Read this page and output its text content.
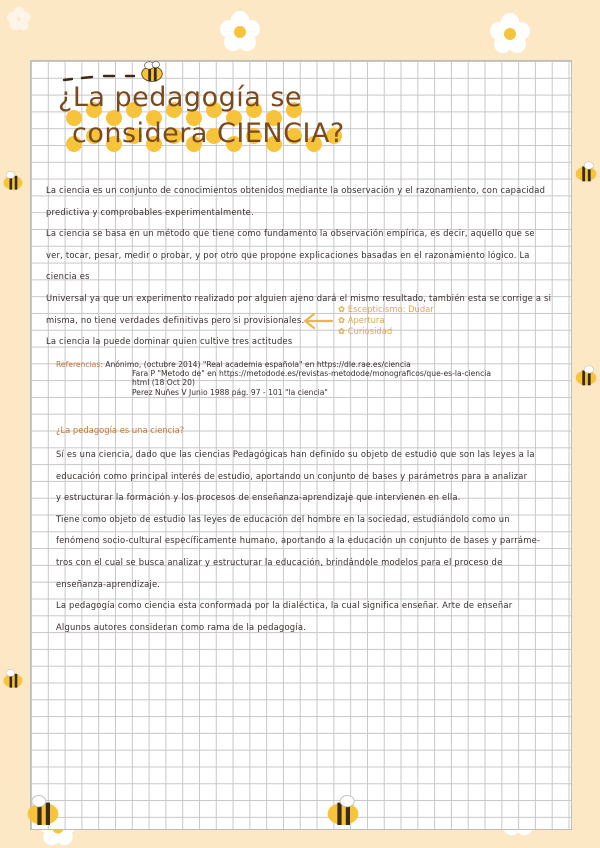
¿La pedagogía se
considera CIENCIA?

La ciencia es un conjunto de conocimientos obtenidos mediante la observación y el razonamiento, con capacidad

predictiva y comprobables experimentalmente.

La ciencia se basa en un método que tiene como fundamento la observación empírica, es decir, aquello que se

ver, tocar, pesar, medir o probar, y por otro que propone explicaciones basadas en el razonamiento lógico. La ciencia es

Universal ya que un experimento realizado por alguien ajeno dará el mismo resultado, también esta se corrige a si

misma, no tiene verdades definitivas pero si provisionales.

La ciencia la puede dominar quien cultive tres actitudes

✿ Escepticismo: Dudar
✿ Apertura
✿ Curiosidad
Referencias: Anónimo, (octubre 2014) "Real academia española" en https://dle.rae.es/ciencia
Fara P "Metodo de" en https://metodode.es/revistas-metodode/monograficos/que-es-la-ciencia
html (18 Oct 20)
Perez Nuñes V Junio 1988 pág. 97 - 101 "la ciencia"
¿La pedagogía es una ciencia?

Sí es una ciencia, dado que las ciencias Pedagógicas han definido su objeto de estudio que son las leyes a la

educación como principal interés de estudio, aportando un conjunto de bases y parámetros para a analizar

y estructurar la formación y los procesos de enseñanza-aprendizaje que intervienen en ella.

Tiene como objeto de estudio las leyes de educación del hombre en la sociedad, estudiándolo como un

fenómeno socio-cultural específicamente humano, aportando a la educación un conjunto de bases y parráme-

tros con el cual se busca analizar y estructurar la educación, brindándole modelos para el proceso de

enseñanza-aprendizaje.

La pedagogía como ciencia esta conformada por la dialéctica, la cual significa enseñar. Arte de enseñar

Algunos autores consideran como rama de la pedagogía.
